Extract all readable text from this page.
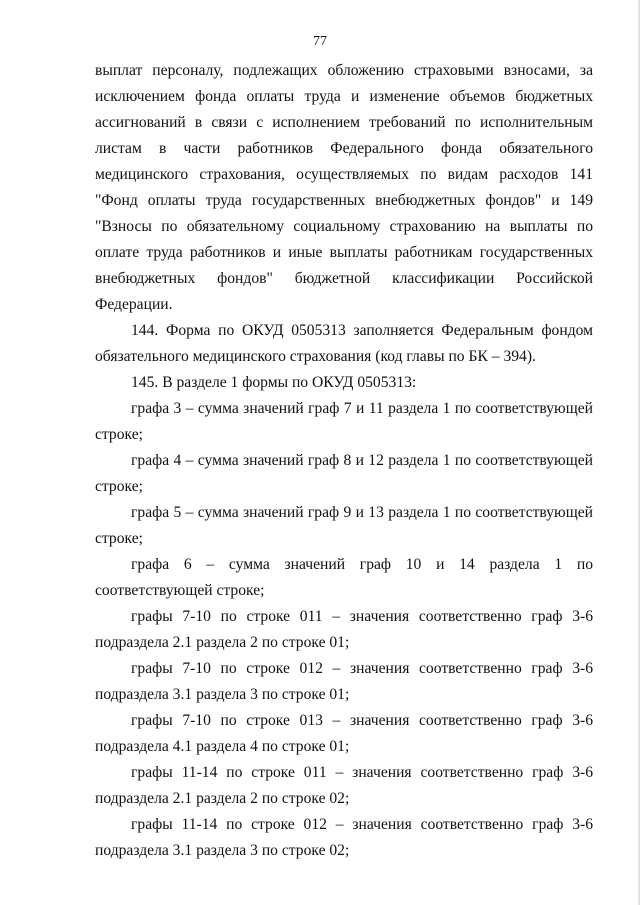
77

выплат персоналу, подлежащих обложению страховыми взносами, за исключением фонда оплаты труда и изменение объемов бюджетных ассигнований в связи с исполнением требований по исполнительным листам в части работников Федерального фонда обязательного медицинского страхования, осуществляемых по видам расходов 141 "Фонд оплаты труда государственных внебюджетных фондов" и 149 "Взносы по обязательному социальному страхованию на выплаты по оплате труда работников и иные выплаты работникам государственных внебюджетных фондов" бюджетной классификации Российской Федерации.

144. Форма по ОКУД 0505313 заполняется Федеральным фондом обязательного медицинского страхования (код главы по БК – 394).

145. В разделе 1 формы по ОКУД 0505313:

графа 3 – сумма значений граф 7 и 11 раздела 1 по соответствующей строке;

графа 4 – сумма значений граф 8 и 12 раздела 1 по соответствующей строке;

графа 5 – сумма значений граф 9 и 13 раздела 1 по соответствующей строке;

графа 6 – сумма значений граф 10 и 14 раздела 1 по соответствующей строке;

графы 7-10 по строке 011 – значения соответственно граф 3-6 подраздела 2.1 раздела 2 по строке 01;

графы 7-10 по строке 012 – значения соответственно граф 3-6 подраздела 3.1 раздела 3 по строке 01;

графы 7-10 по строке 013 – значения соответственно граф 3-6 подраздела 4.1 раздела 4 по строке 01;

графы 11-14 по строке 011 – значения соответственно граф 3-6 подраздела 2.1 раздела 2 по строке 02;

графы 11-14 по строке 012 – значения соответственно граф 3-6 подраздела 3.1 раздела 3 по строке 02;
